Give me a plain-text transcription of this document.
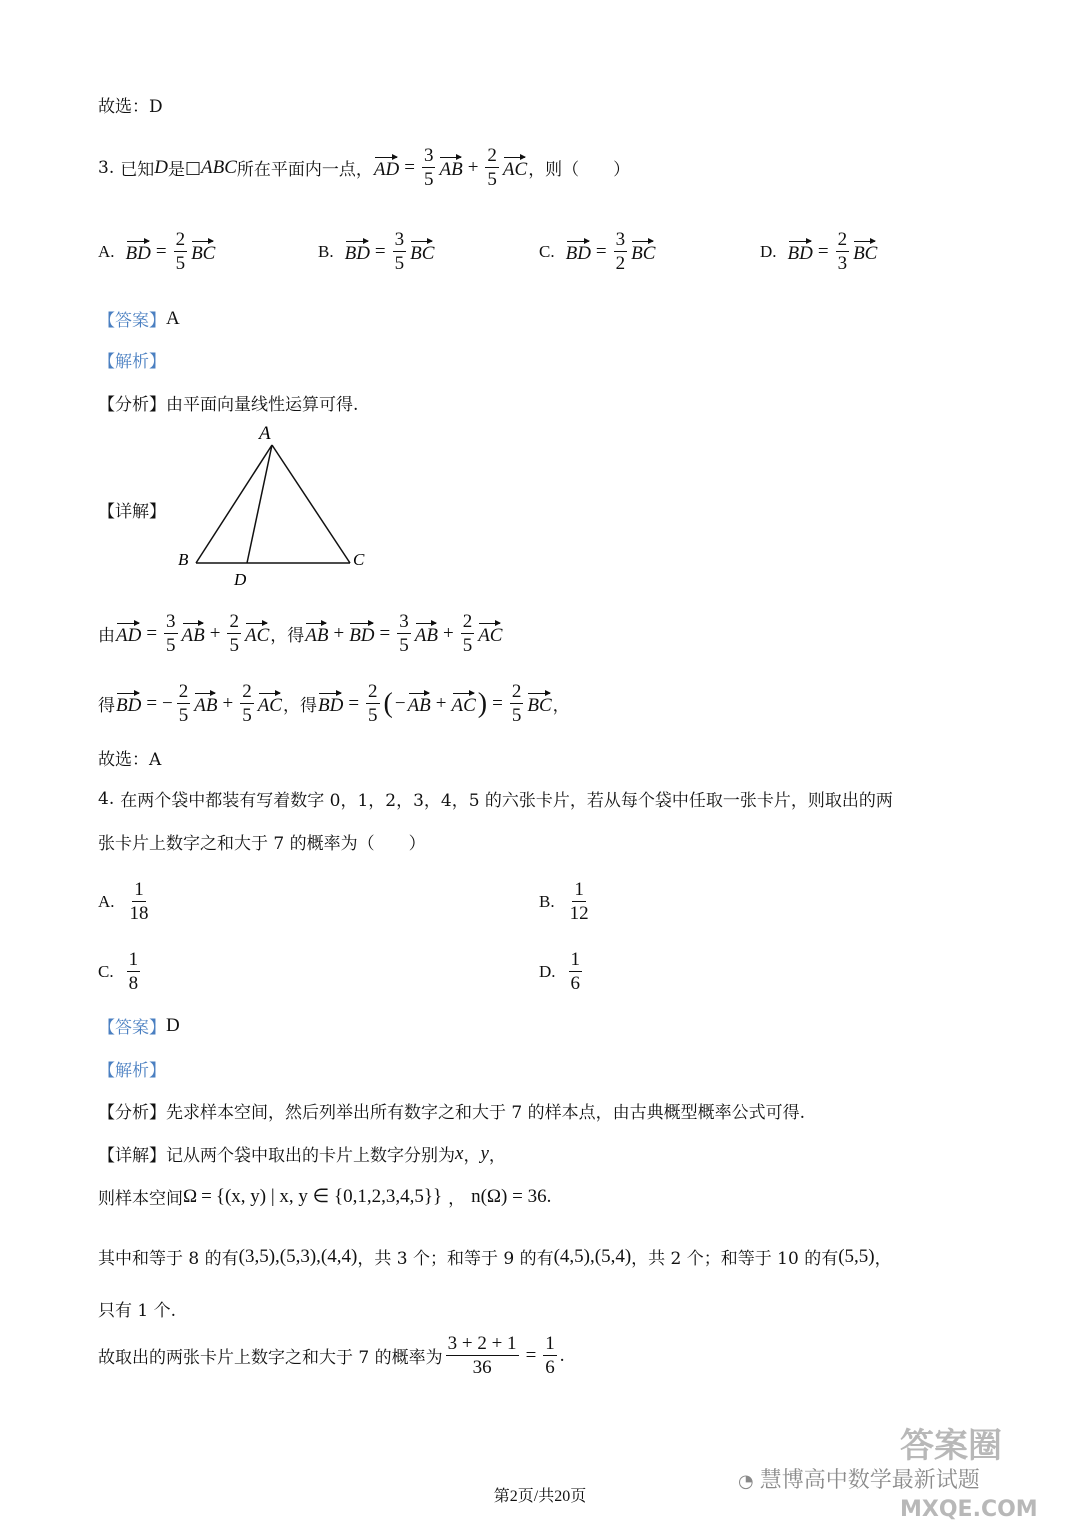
故选：D
3. 已知 D 是 □ ABC 所在平面内一点， AD = $\frac{3}{5}$ AB + $\frac{2}{5}$ AC ，则（　　）
A. BD = $\frac{2}{5}$ BC	B. BD = $\frac{3}{5}$ BC	C. BD = $\frac{3}{2}$ BC	D. BD = $\frac{2}{3}$ BC
【答案】 A
【解析】
【分析】 由平面向量线性运算可得.
【详解】
A
B	C
D
由 AD = $\frac{3}{5}$ AB + $\frac{2}{5}$ AC ，得 AB + BD = $\frac{3}{5}$ AB + $\frac{2}{5}$ AC
得 BD = − $\frac{2}{5}$ AB + $\frac{2}{5}$ AC ，得 BD = $\frac{2}{5}$ ( − AB + AC ) = $\frac{2}{5}$ BC ，
故选：A
4. 在两个袋中都装有写着数字 0，1，2，3，4，5 的六张卡片，若从每个袋中任取一张卡片，则取出的两
张卡片上数字之和大于 7 的概率为（　　）
A. $\frac{1}{18}$	B. $\frac{1}{12}$
C. $\frac{1}{8}$	D. $\frac{1}{6}$
【答案】 D
【解析】
【分析】 先求样本空间，然后列举出所有数字之和大于 7 的样本点，由古典概型概率公式可得.
【详解】 记从两个袋中取出的卡片上数字分别为 x ， y ，
则样本空间 Ω = {(x, y) | x, y ∈ {0,1,2,3,4,5}} ， n(Ω) = 36 .
其中和等于 8 的有 (3,5),(5,3),(4,4) ，共 3 个；和等于 9 的有 (4,5),(5,4) ，共 2 个；和等于 10 的有 (5,5) ，
只有 1 个.
故取出的两张卡片上数字之和大于 7 的概率为 $\frac{3 + 2 + 1}{36} = \frac{1}{6}$ .
◔ 慧博高中数学最新试题
答案圈
MXQE.COM
第2页/共20页
